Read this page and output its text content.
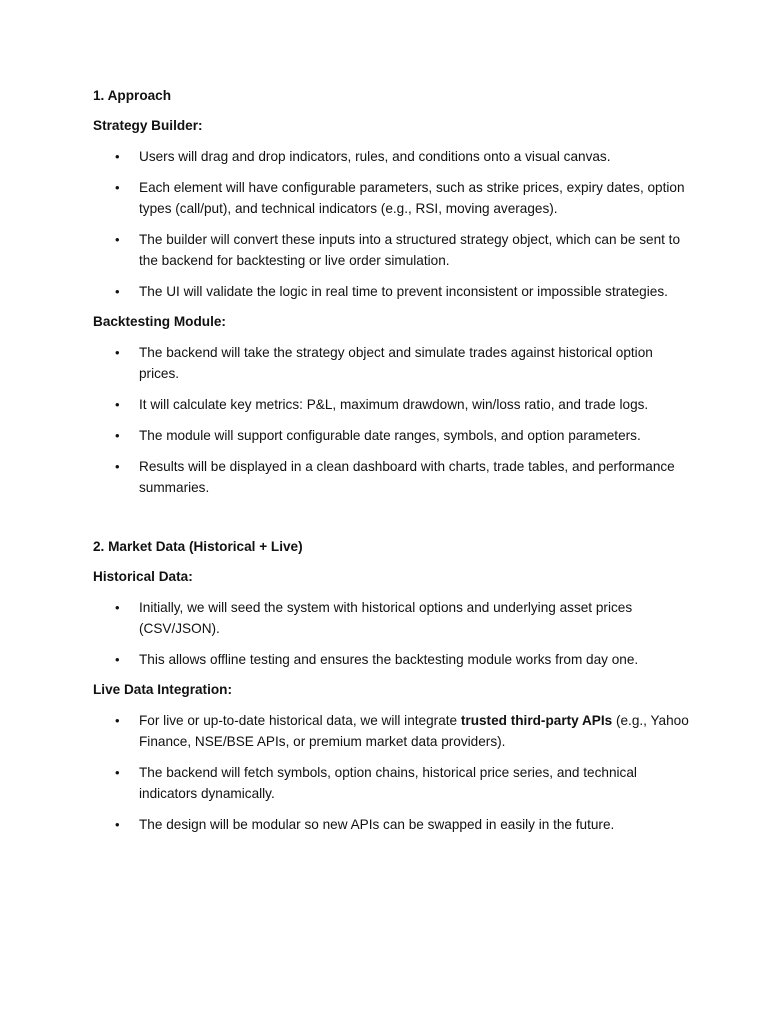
1. Approach
Strategy Builder:
• Users will drag and drop indicators, rules, and conditions onto a visual canvas.
• Each element will have configurable parameters, such as strike prices, expiry dates, option types (call/put), and technical indicators (e.g., RSI, moving averages).
• The builder will convert these inputs into a structured strategy object, which can be sent to the backend for backtesting or live order simulation.
• The UI will validate the logic in real time to prevent inconsistent or impossible strategies.
Backtesting Module:
• The backend will take the strategy object and simulate trades against historical option prices.
• It will calculate key metrics: P&L, maximum drawdown, win/loss ratio, and trade logs.
• The module will support configurable date ranges, symbols, and option parameters.
• Results will be displayed in a clean dashboard with charts, trade tables, and performance summaries.
2. Market Data (Historical + Live)
Historical Data:
• Initially, we will seed the system with historical options and underlying asset prices (CSV/JSON).
• This allows offline testing and ensures the backtesting module works from day one.
Live Data Integration:
• For live or up-to-date historical data, we will integrate trusted third-party APIs (e.g., Yahoo Finance, NSE/BSE APIs, or premium market data providers).
• The backend will fetch symbols, option chains, historical price series, and technical indicators dynamically.
• The design will be modular so new APIs can be swapped in easily in the future.
